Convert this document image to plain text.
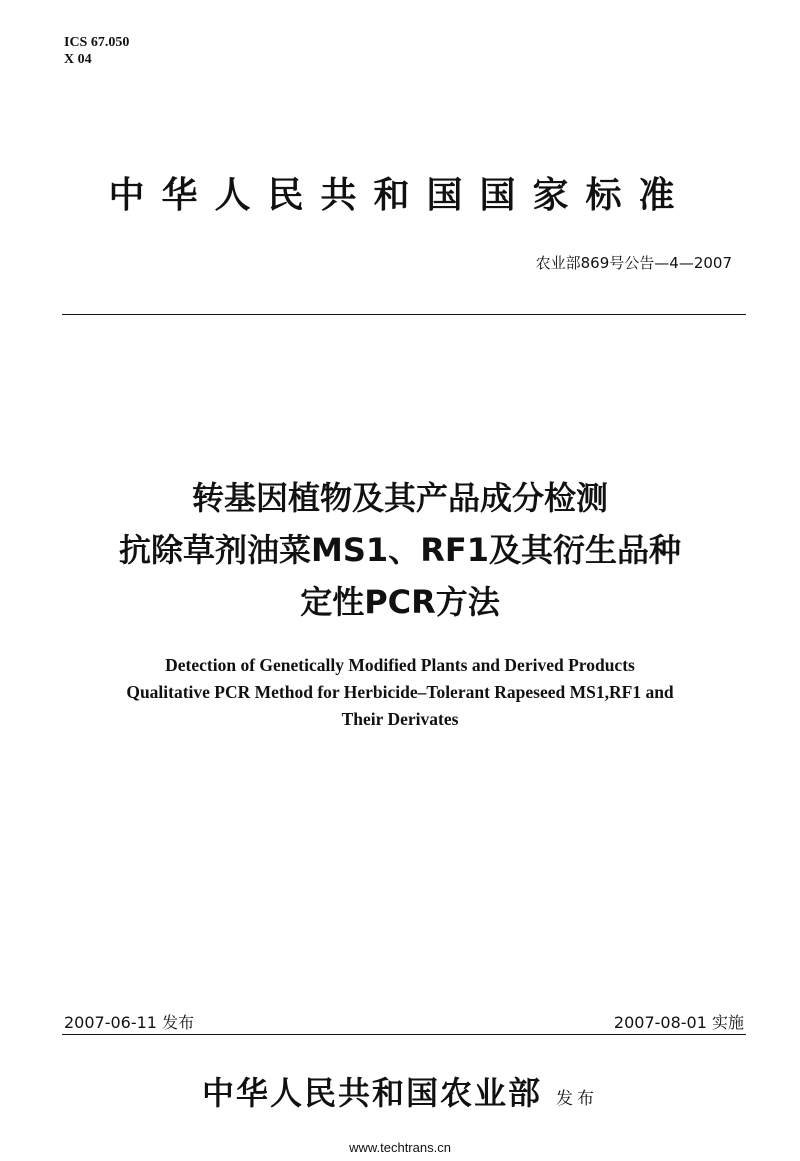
ICS 67.050
X 04
中华人民共和国国家标准
农业部869号公告—4—2007
转基因植物及其产品成分检测
抗除草剂油菜MS1、RF1及其衍生品种
定性PCR方法
Detection of Genetically Modified Plants and Derived Products
Qualitative PCR Method for Herbicide–Tolerant Rapeseed MS1,RF1 and
Their Derivates
2007-06-11 发布	2007-08-01 实施
中华人民共和国农业部 发布
www.techtrans.cn
